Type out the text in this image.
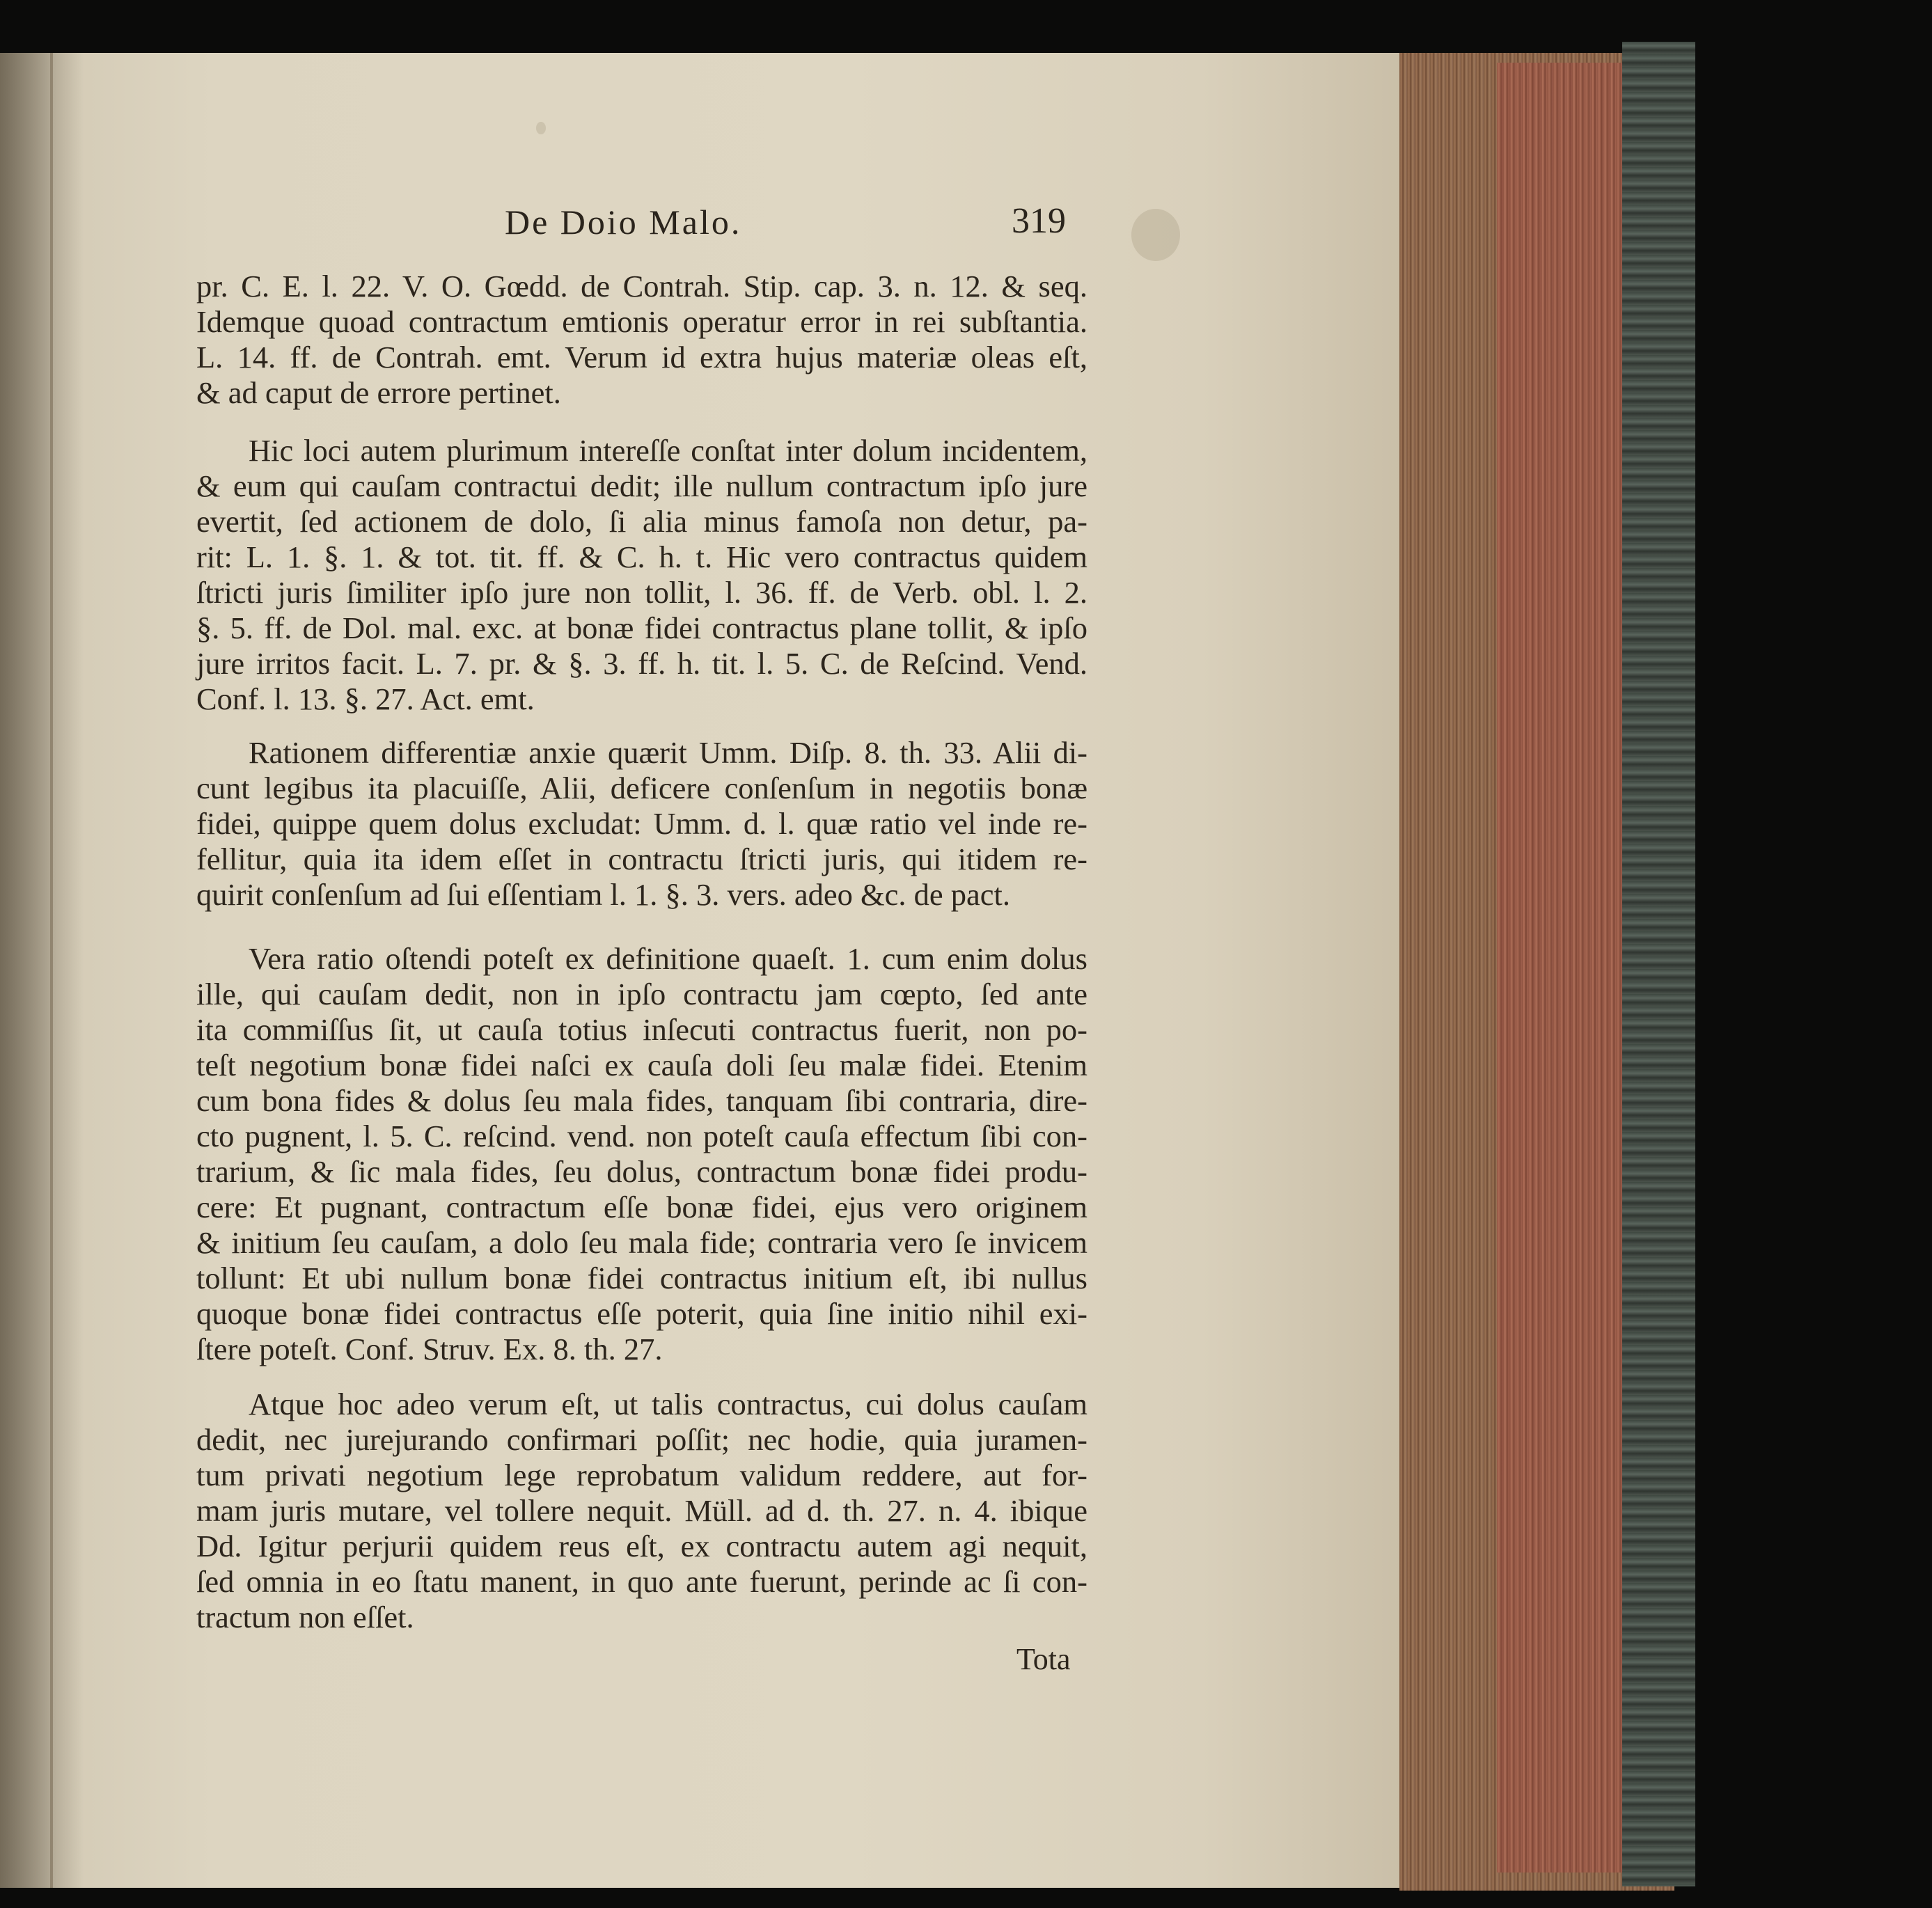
De Doio Malo.	319
pr. C. E. l. 22. V. O. Gœdd. de Contrah. Stip. cap. 3. n. 12. & seq.
Idemque quoad contractum emtionis operatur error in rei subſtantia.
L. 14. ff. de Contrah. emt. Verum id extra hujus materiæ oleas eſt,
& ad caput de errore pertinet.
Hic loci autem plurimum intereſſe conſtat inter dolum incidentem,
& eum qui cauſam contractui dedit; ille nullum contractum ipſo jure
evertit, ſed actionem de dolo, ſi alia minus famoſa non detur, pa-
rit: L. 1. §. 1. & tot. tit. ff. & C. h. t. Hic vero contractus quidem
ſtricti juris ſimiliter ipſo jure non tollit, l. 36. ff. de Verb. obl. l. 2.
§. 5. ff. de Dol. mal. exc. at bonæ fidei contractus plane tollit, & ipſo
jure irritos facit. L. 7. pr. & §. 3. ff. h. tit. l. 5. C. de Reſcind. Vend.
Conf. l. 13. §. 27. Act. emt.
Rationem differentiæ anxie quærit Umm. Diſp. 8. th. 33. Alii di-
cunt legibus ita placuiſſe, Alii, deficere conſenſum in negotiis bonæ
fidei, quippe quem dolus excludat: Umm. d. l. quæ ratio vel inde re-
fellitur, quia ita idem eſſet in contractu ſtricti juris, qui itidem re-
quirit conſenſum ad ſui eſſentiam l. 1. §. 3. vers. adeo &c. de pact.
Vera ratio oſtendi poteſt ex definitione quaeſt. 1. cum enim dolus
ille, qui cauſam dedit, non in ipſo contractu jam cœpto, ſed ante
ita commiſſus ſit, ut cauſa totius inſecuti contractus fuerit, non po-
teſt negotium bonæ fidei naſci ex cauſa doli ſeu malæ fidei. Etenim
cum bona fides & dolus ſeu mala fides, tanquam ſibi contraria, dire-
cto pugnent, l. 5. C. reſcind. vend. non poteſt cauſa effectum ſibi con-
trarium, & ſic mala fides, ſeu dolus, contractum bonæ fidei produ-
cere: Et pugnant, contractum eſſe bonæ fidei, ejus vero originem
& initium ſeu cauſam, a dolo ſeu mala fide; contraria vero ſe invicem
tollunt: Et ubi nullum bonæ fidei contractus initium eſt, ibi nullus
quoque bonæ fidei contractus eſſe poterit, quia ſine initio nihil exi-
ſtere poteſt. Conf. Struv. Ex. 8. th. 27.
Atque hoc adeo verum eſt, ut talis contractus, cui dolus cauſam
dedit, nec jurejurando confirmari poſſit; nec hodie, quia juramen-
tum privati negotium lege reprobatum validum reddere, aut for-
mam juris mutare, vel tollere nequit. Müll. ad d. th. 27. n. 4. ibique
Dd. Igitur perjurii quidem reus eſt, ex contractu autem agi nequit,
ſed omnia in eo ſtatu manent, in quo ante fuerunt, perinde ac ſi con-
tractum non eſſet.
Tota
